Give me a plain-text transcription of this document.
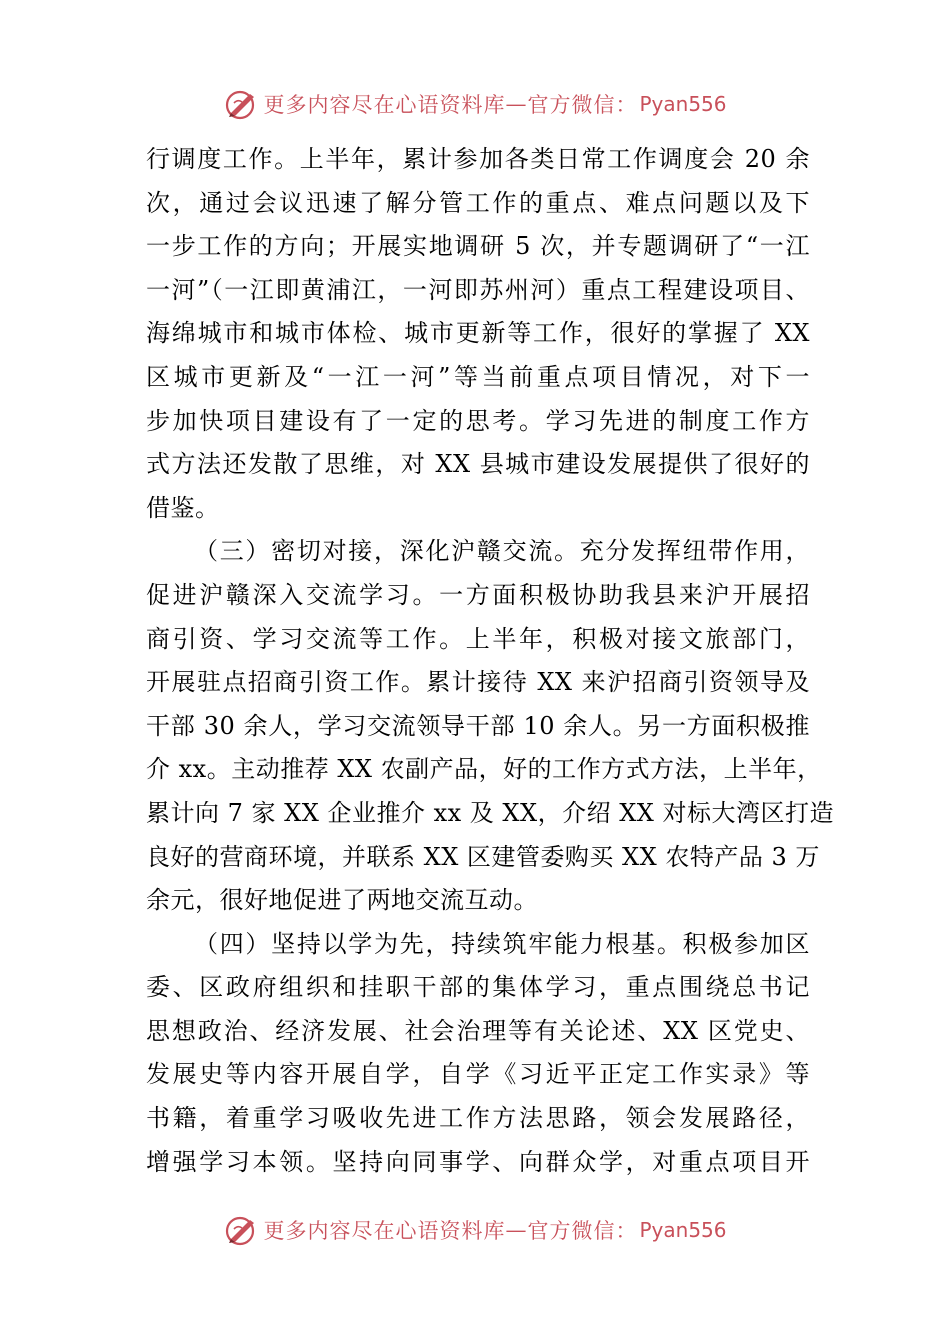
更多内容尽在心语资料库 — 官方微信： Pyan556
行调度工作。上半年，累计参加各类日常工作调度会 20 余
次，通过会议迅速了解分管工作的重点、难点问题以及下
一步工作的方向；开展实地调研 5 次，并专题调研了“一江
一河”（一江即黄浦江，一河即苏州河）重点工程建设项目、
海绵城市和城市体检、城市更新等工作，很好的掌握了 XX
区城市更新及“一江一河”等当前重点项目情况，对下一
步加快项目建设有了一定的思考。学习先进的制度工作方
式方法还发散了思维，对 XX 县城市建设发展提供了很好的
借鉴。
（三）密切对接，深化沪赣交流。充分发挥纽带作用，
促进沪赣深入交流学习。一方面积极协助我县来沪开展招
商引资、学习交流等工作。上半年，积极对接文旅部门，
开展驻点招商引资工作。累计接待 XX 来沪招商引资领导及
干部 30 余人，学习交流领导干部 10 余人。另一方面积极推
介 xx。主动推荐 XX 农副产品，好的工作方式方法，上半年，
累计向 7 家 XX 企业推介 xx 及 XX，介绍 XX 对标大湾区打造
良好的营商环境，并联系 XX 区建管委购买 XX 农特产品 3 万
余元，很好地促进了两地交流互动。
（四）坚持以学为先，持续筑牢能力根基。积极参加区
委、区政府组织和挂职干部的集体学习，重点围绕总书记
思想政治、经济发展、社会治理等有关论述、XX 区党史、
发展史等内容开展自学，自学《习近平正定工作实录》等
书籍，着重学习吸收先进工作方法思路，领会发展路径，
增强学习本领。坚持向同事学、向群众学，对重点项目开
更多内容尽在心语资料库 — 官方微信： Pyan556
